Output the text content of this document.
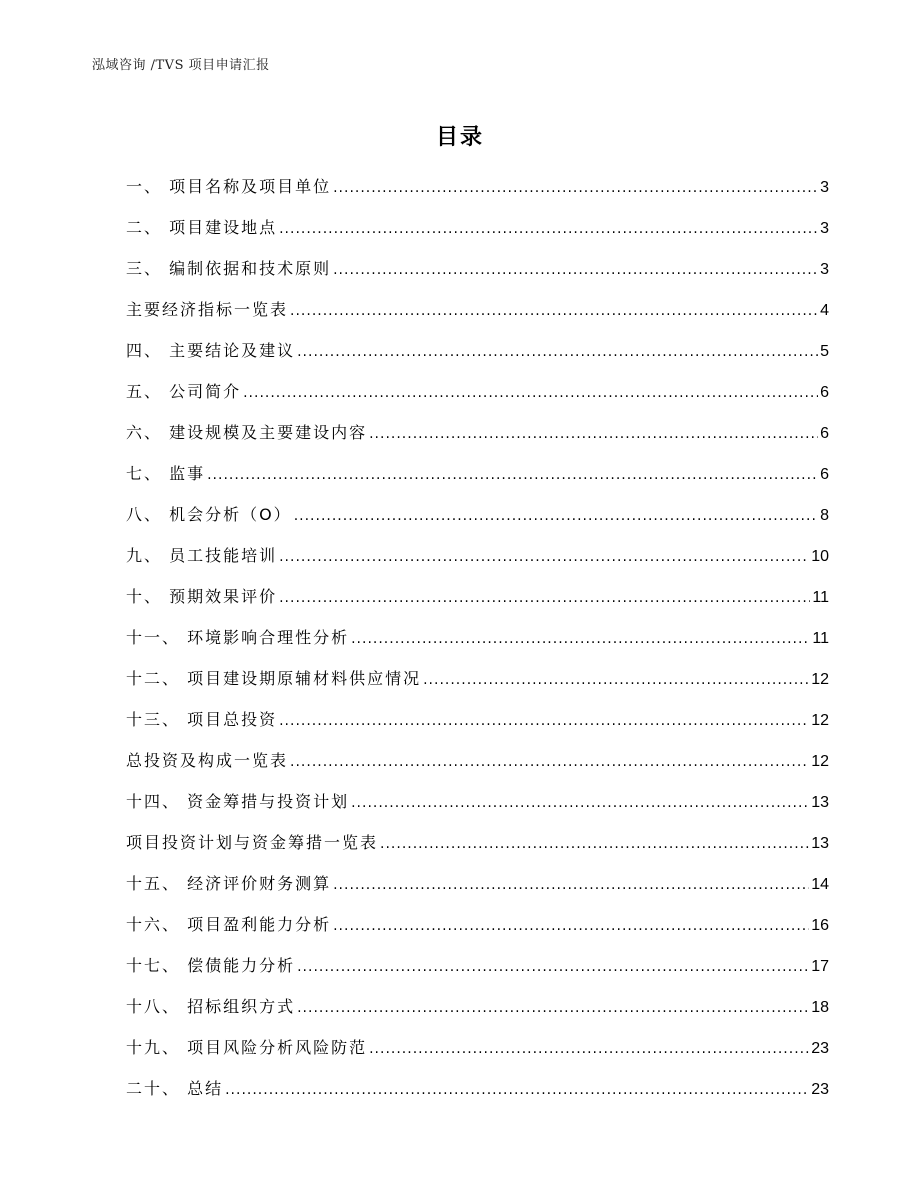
泓域咨询 /TVS 项目申请汇报
目录
一、 项目名称及项目单位 .....	3
二、 项目建设地点 .....	3
三、 编制依据和技术原则 .....	3
主要经济指标一览表 .....	4
四、 主要结论及建议 .....	5
五、 公司简介 .....	6
六、 建设规模及主要建设内容 .....	6
七、 监事 .....	6
八、 机会分析（O） .....	8
九、 员工技能培训 .....	10
十、 预期效果评价 .....	11
十一、 环境影响合理性分析 .....	11
十二、 项目建设期原辅材料供应情况 .....	12
十三、 项目总投资 .....	12
总投资及构成一览表 .....	12
十四、 资金筹措与投资计划 .....	13
项目投资计划与资金筹措一览表 .....	13
十五、 经济评价财务测算 .....	14
十六、 项目盈利能力分析 .....	16
十七、 偿债能力分析 .....	17
十八、 招标组织方式 .....	18
十九、 项目风险分析风险防范 .....	23
二十、 总结 .....	23
